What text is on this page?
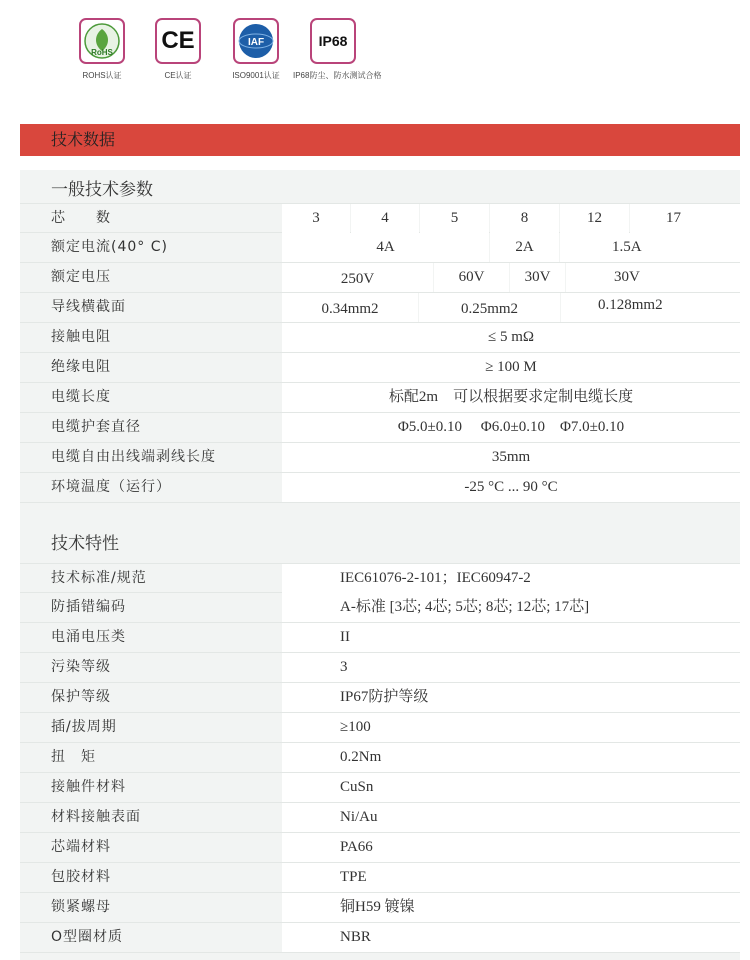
RoHS
ROHS认证
CE
CE认证
IAF
ISO9001认证
IP68
IP68防尘、防水测试合格
技术数据
一般技术参数
芯　　数	3	4	5	8	12	17
额定电流(40° C)	4A	2A	1.5A
额定电压	250V	60V	30V	30V
导线横截面	0.34mm2	0.25mm2	0.128mm2
接触电阻	≤ 5 mΩ
绝缘电阻	≥ 100 M
电缆长度	标配2m　可以根据要求定制电缆长度
电缆护套直径	Φ5.0±0.10　 Φ6.0±0.10　Φ7.0±0.10
电缆自由出线端剥线长度	35mm
环境温度（运行）	-25 °C ... 90 °C
技术特性
技术标准/规范	IEC61076-2-101；IEC60947-2
防插错编码	A-标准 [3芯; 4芯; 5芯; 8芯; 12芯; 17芯]
电涌电压类	II
污染等级	3
保护等级	IP67防护等级
插/拔周期	≥100
扭　矩	0.2Nm
接触件材料	CuSn
材料接触表面	Ni/Au
芯端材料	PA66
包胶材料	TPE
锁紧螺母	铜H59 镀镍
O型圈材质	NBR
